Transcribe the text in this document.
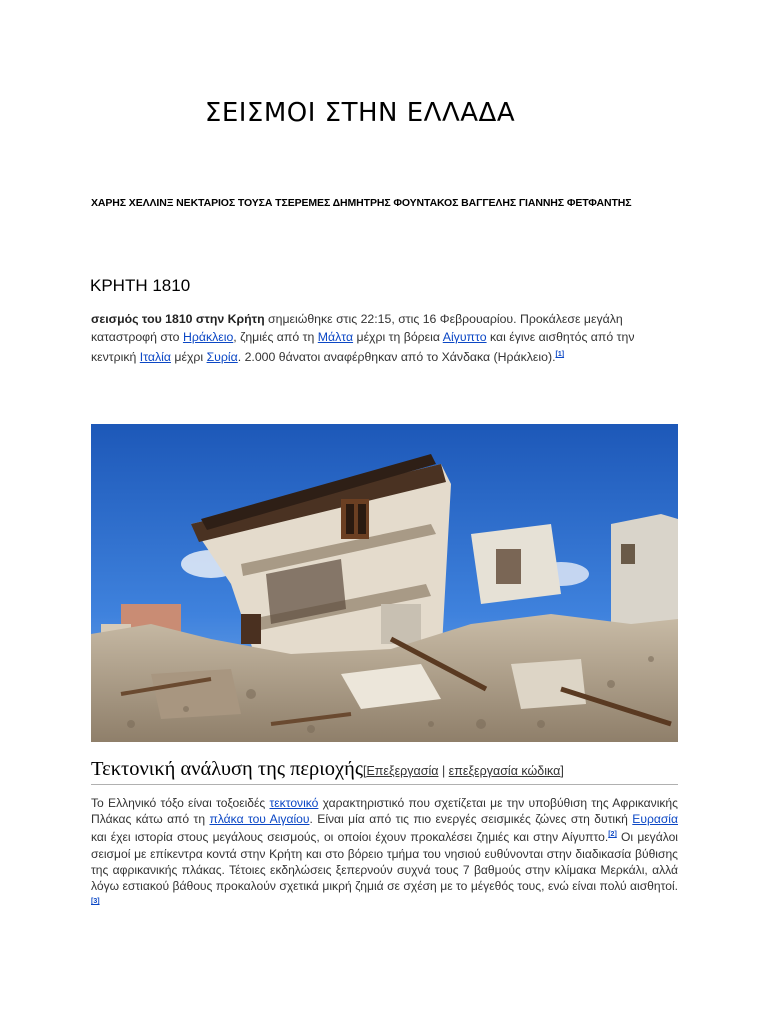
ΣΕΙΣΜΟΙ ΣΤΗΝ ΕΛΛΑΔΑ
ΧΑΡΗΣ ΧΕΛΛΙΝΞ ΝΕΚΤΑΡΙΟΣ ΤΟΥΣΑ ΤΣΕΡΕΜΕΣ ΔΗΜΗΤΡΗΣ ΦΟΥΝΤΑΚΟΣ ΒΑΓΓΕΛΗΣ ΓΙΑΝΝΗΣ ΦΕΤΦΑΝΤΗΣ
ΚΡΗΤΗ 1810
σεισμός του 1810 στην Κρήτη σημειώθηκε στις 22:15, στις 16 Φεβρουαρίου. Προκάλεσε μεγάλη καταστροφή στο Ηράκλειο, ζημιές από τη Μάλτα μέχρι τη βόρεια Αίγυπτο και έγινε αισθητός από την κεντρική Ιταλία μέχρι Συρία. 2.000 θάνατοι αναφέρθηκαν από το Χάνδακα (Ηράκλειο).[1]
Τεκτονική ανάλυση της περιοχής[Επεξεργασία | επεξεργασία κώδικα]
Το Ελληνικό τόξο είναι τοξοειδές τεκτονικό χαρακτηριστικό που σχετίζεται με την υποβύθιση της Αφρικανικής Πλάκας κάτω από τη πλάκα του Αιγαίου. Είναι μία από τις πιο ενεργές σεισμικές ζώνες στη δυτική Ευρασία και έχει ιστορία στους μεγάλους σεισμούς, οι οποίοι έχουν προκαλέσει ζημιές και στην Αίγυπτο.[2] Οι μεγάλοι σεισμοί με επίκεντρα κοντά στην Κρήτη και στο βόρειο τμήμα του νησιού ευθύνονται στην διαδικασία βύθισης της αφρικανικής πλάκας. Τέτοιες εκδηλώσεις ξεπερνούν συχνά τους 7 βαθμούς στην κλίμακα Μερκάλι, αλλά λόγω εστιακού βάθους προκαλούν σχετικά μικρή ζημιά σε σχέση με το μέγεθός τους, ενώ είναι πολύ αισθητοί.[3]
